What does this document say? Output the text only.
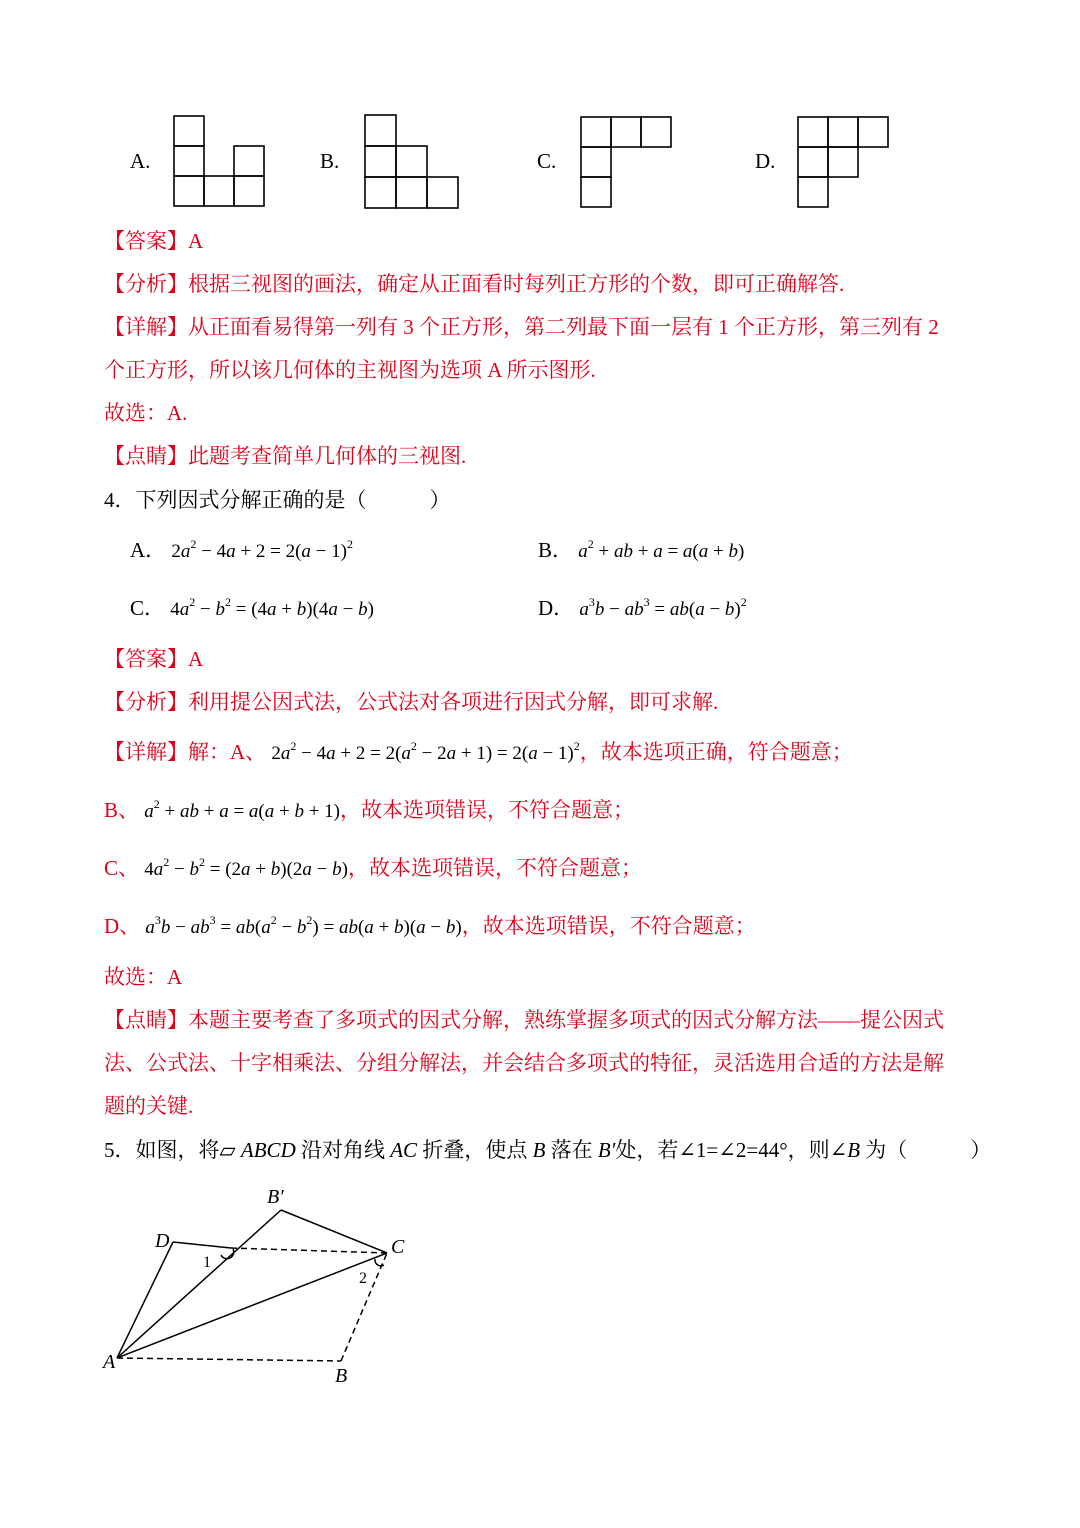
A.	B.	C.	D.
【答案】A
【分析】根据三视图的画法，确定从正面看时每列正方形的个数，即可正确解答.
【详解】从正面看易得第一列有 3 个正方形，第二列最下面一层有 1 个正方形，第三列有 2
个正方形，所以该几何体的主视图为选项 A 所示图形.
故选：A.
【点睛】此题考查简单几何体的三视图.
4．下列因式分解正确的是（　　　）
A． $2a^2 - 4a + 2 = 2(a - 1)^2$	B． $a^2$ + ab + a = a(a + b)
C． $4a^2 - b^2 = (4a + b)(4a - b)$	D． $a^3b - ab^3 = ab(a - b)^2$
【答案】A
【分析】利用提公因式法，公式法对各项进行因式分解，即可求解.
【详解】解：A、 $2a^2 - 4a + 2 = 2(a^2 - 2a + 1) = 2(a - 1)^2$，故本选项正确，符合题意；
B、 $a^2$ + ab + a = a(a + b + 1)，故本选项错误，不符合题意；
C、 $4a^2 - b^2 = (2a + b)(2a - b)$，故本选项错误，不符合题意；
D、 $a^3b - ab^3 = ab(a^2 - b^2) = ab(a + b)(a - b)$，故本选项错误，不符合题意；
故选：A
【点睛】本题主要考查了多项式的因式分解，熟练掌握多项式的因式分解方法——提公因式
法、公式法、十字相乘法、分组分解法，并会结合多项式的特征，灵活选用合适的方法是解
题的关键.
5．如图，将▱ ABCD 沿对角线 AC 折叠，使点 B 落在 B′处，若∠1=∠2=44°，则∠B 为（　　　）
A
B
C
D
B′
1
2
